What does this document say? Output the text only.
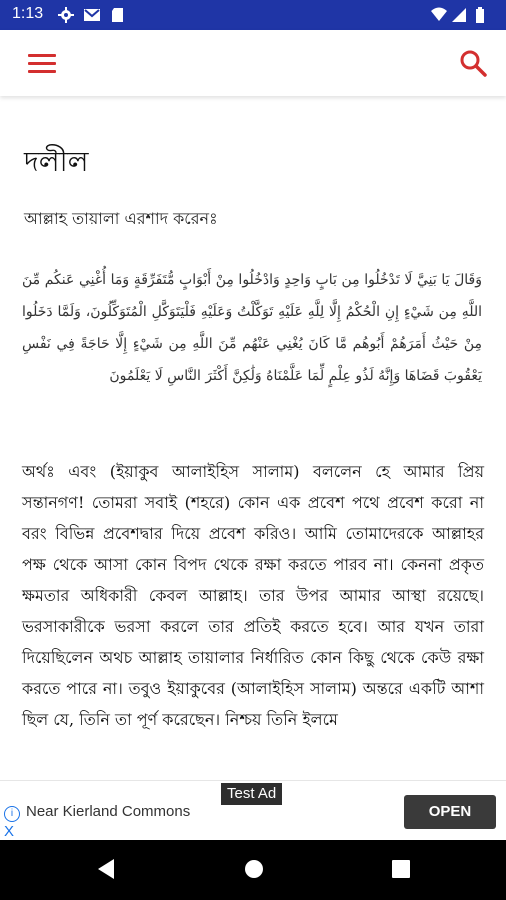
1:13
দলীল
আল্লাহ তায়ালা এরশাদ করেনঃ
وَقَالَ يَا بَنِيَّ لَا تَدْخُلُوا مِن بَابٍ وَاحِدٍ وَادْخُلُوا مِنْ أَبْوَابٍ مُّتَفَرِّقَةٍ وَمَا أُغْنِي عَنكُم مِّنَ اللَّهِ مِن شَيْءٍ إِنِ الْحُكْمُ إِلَّا لِلَّهِ عَلَيْهِ تَوَكَّلْتُ وَعَلَيْهِ فَلْيَتَوَكَّلِ الْمُتَوَكِّلُونَ، وَلَمَّا دَخَلُوا مِنْ حَيْثُ أَمَرَهُمْ أَبُوهُم مَّا كَانَ يُغْنِي عَنْهُم مِّنَ اللَّهِ مِن شَيْءٍ إِلَّا حَاجَةً فِي نَفْسِ يَعْقُوبَ قَضَاهَا وَإِنَّهُ لَذُو عِلْمٍ لِّمَا عَلَّمْنَاهُ وَلَٰكِنَّ أَكْثَرَ النَّاسِ لَا يَعْلَمُونَ
অর্থঃ এবং (ইয়াকুব আলাইহিস সালাম) বললেন হে আমার প্রিয় সন্তানগণ! তোমরা সবাই (শহরে) কোন এক প্রবেশ পথে প্রবেশ করো না বরং বিভিন্ন প্রবেশদ্বার দিয়ে প্রবেশ করিও। আমি তোমাদেরকে আল্লাহর পক্ষ থেকে আসা কোন বিপদ থেকে রক্ষা করতে পারব না। কেননা প্রকৃত ক্ষমতার অধিকারী কেবল আল্লাহ। তার উপর আমার আস্থা রয়েছে। ভরসাকারীকে ভরসা করলে তার প্রতিই করতে হবে। আর যখন তারা দিয়েছিলেন অথচ আল্লাহ তায়ালার নির্ধারিত কোন কিছু থেকে কেউ রক্ষা করতে পারে না। তবুও ইয়াকুবের (আলাইহিস সালাম) অন্তরে একটি আশা ছিল যে, তিনি তা পূর্ণ করেছেন। নিশ্চয় তিনি ইলমে
Test Ad
i
X
Near Kierland Commons	OPEN
